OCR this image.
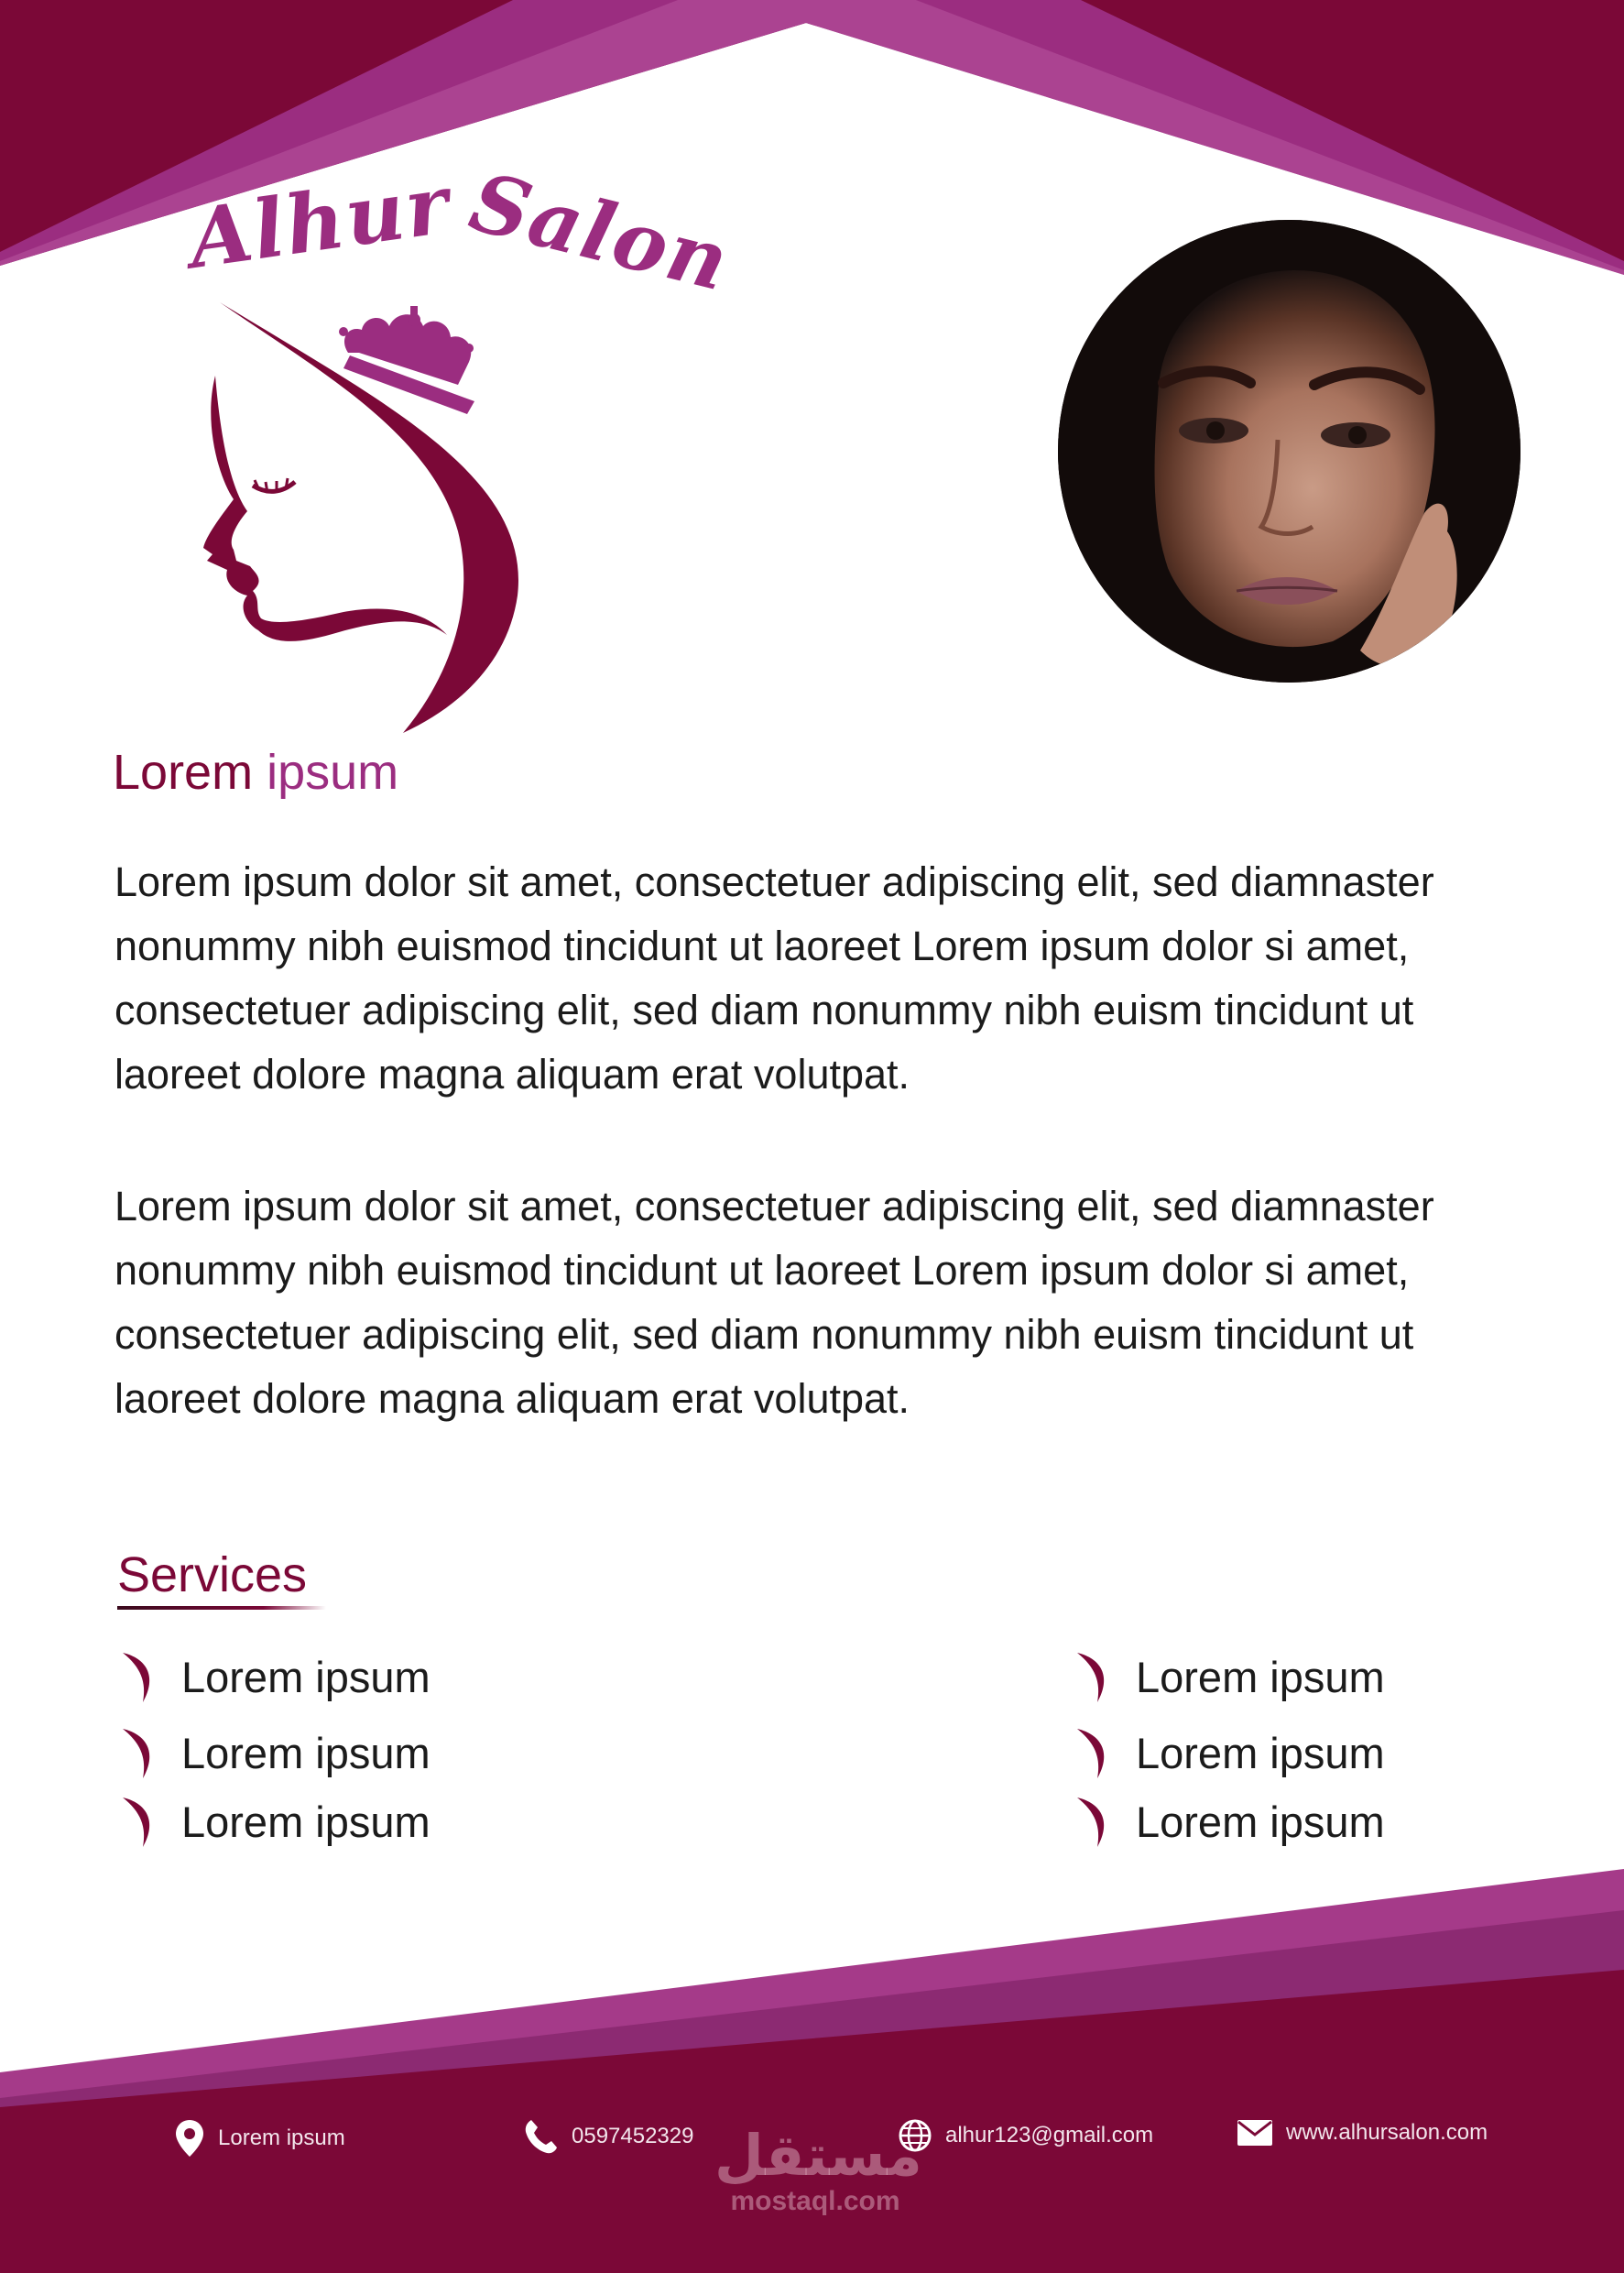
AlhurSalon
Lorem ipsum

Lorem ipsum dolor sit amet, consectetuer adipiscing elit, sed diamnaster nonummy nibh euismod tincidunt ut laoreet Lorem ipsum dolor si amet, consectetuer adipiscing elit, sed diam nonummy nibh euism tincidunt ut laoreet dolore magna aliquam erat volutpat.

Lorem ipsum dolor sit amet, consectetuer adipiscing elit, sed diamnaster nonummy nibh euismod tincidunt ut laoreet Lorem ipsum dolor si amet, consectetuer adipiscing elit, sed diam nonummy nibh euism tincidunt ut laoreet dolore magna aliquam erat volutpat.

Services
Lorem ipsum
Lorem ipsum
Lorem ipsum
Lorem ipsum
Lorem ipsum
Lorem ipsum
Lorem ipsum	0597452329	alhur123@gmail.com	www.alhursalon.com
مستقل
mostaql.com
